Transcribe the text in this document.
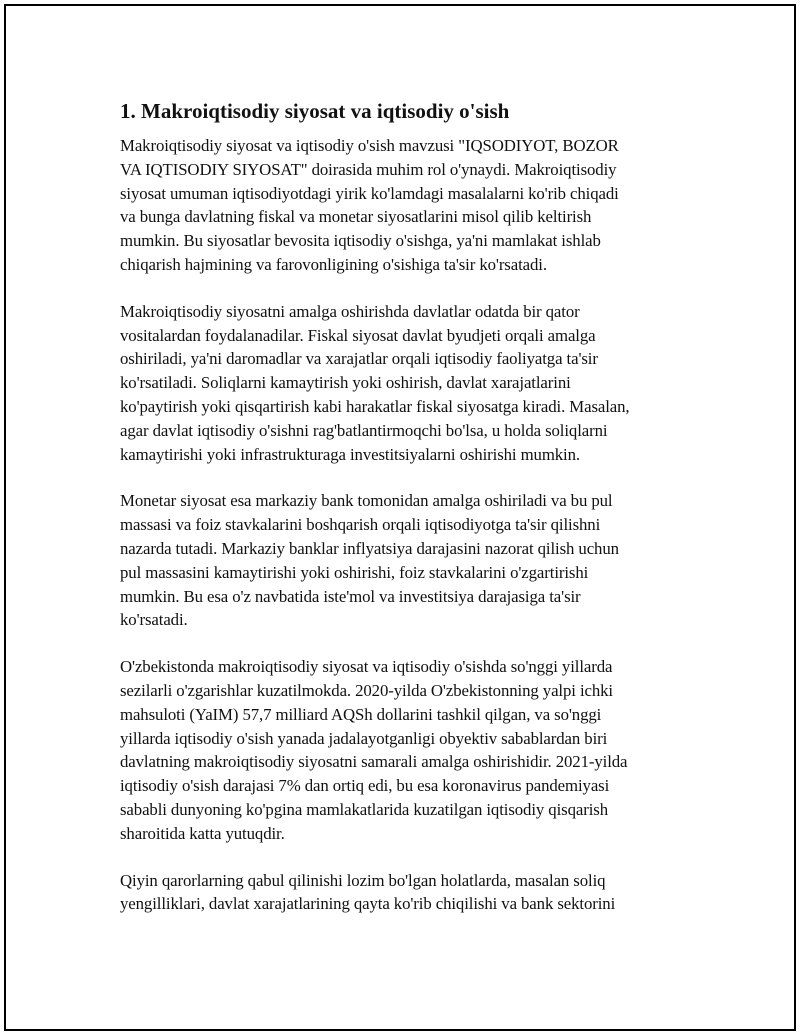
1. Makroiqtisodiy siyosat va iqtisodiy o'sish

Makroiqtisodiy siyosat va iqtisodiy o'sish mavzusi "IQSODIYOT, BOZOR
VA IQTISODIY SIYOSAT" doirasida muhim rol o'ynaydi. Makroiqtisodiy
siyosat umuman iqtisodiyotdagi yirik ko'lamdagi masalalarni ko'rib chiqadi
va bunga davlatning fiskal va monetar siyosatlarini misol qilib keltirish
mumkin. Bu siyosatlar bevosita iqtisodiy o'sishga, ya'ni mamlakat ishlab
chiqarish hajmining va farovonligining o'sishiga ta'sir ko'rsatadi.

Makroiqtisodiy siyosatni amalga oshirishda davlatlar odatda bir qator
vositalardan foydalanadilar. Fiskal siyosat davlat byudjeti orqali amalga
oshiriladi, ya'ni daromadlar va xarajatlar orqali iqtisodiy faoliyatga ta'sir
ko'rsatiladi. Soliqlarni kamaytirish yoki oshirish, davlat xarajatlarini
ko'paytirish yoki qisqartirish kabi harakatlar fiskal siyosatga kiradi. Masalan,
agar davlat iqtisodiy o'sishni rag'batlantirmoqchi bo'lsa, u holda soliqlarni
kamaytirishi yoki infrastrukturaga investitsiyalarni oshirishi mumkin.

Monetar siyosat esa markaziy bank tomonidan amalga oshiriladi va bu pul
massasi va foiz stavkalarini boshqarish orqali iqtisodiyotga ta'sir qilishni
nazarda tutadi. Markaziy banklar inflyatsiya darajasini nazorat qilish uchun
pul massasini kamaytirishi yoki oshirishi, foiz stavkalarini o'zgartirishi
mumkin. Bu esa o'z navbatida iste'mol va investitsiya darajasiga ta'sir
ko'rsatadi.

O'zbekistonda makroiqtisodiy siyosat va iqtisodiy o'sishda so'nggi yillarda
sezilarli o'zgarishlar kuzatilmokda. 2020-yilda O'zbekistonning yalpi ichki
mahsuloti (YaIM) 57,7 milliard AQSh dollarini tashkil qilgan, va so'nggi
yillarda iqtisodiy o'sish yanada jadalayotganligi obyektiv sabablardan biri
davlatning makroiqtisodiy siyosatni samarali amalga oshirishidir. 2021-yilda
iqtisodiy o'sish darajasi 7% dan ortiq edi, bu esa koronavirus pandemiyasi
sababli dunyoning ko'pgina mamlakatlarida kuzatilgan iqtisodiy qisqarish
sharoitida katta yutuqdir.

Qiyin qarorlarning qabul qilinishi lozim bo'lgan holatlarda, masalan soliq
yengilliklari, davlat xarajatlarining qayta ko'rib chiqilishi va bank sektorini
